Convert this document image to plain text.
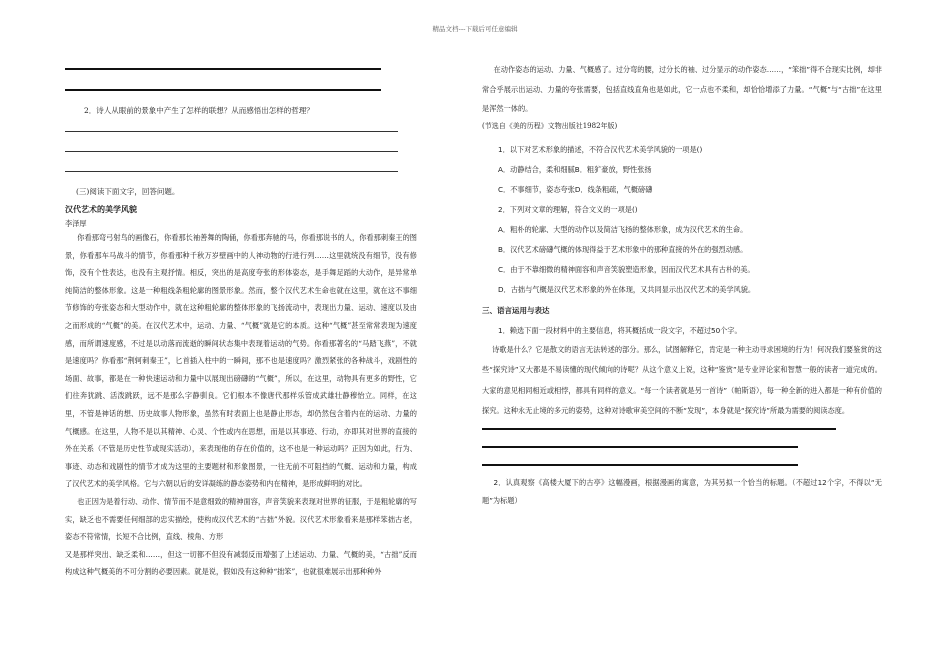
精品文档---下载后可任意编辑
2．诗人从眼前的景象中产生了怎样的联想？从而感悟出怎样的哲理？
(三)阅读下面文字，回答问题。

汉代艺术的美学风貌

李泽厚

你看那弯弓射鸟的画像石，你看那长袖善舞的陶俑，你看那奔驰的马，你看那说书的人，你看那刺秦王的图景，你看那车马战斗的情节，你看那种千秋万岁壁画中的人神动物的行进行列……这里就统没有细节，没有修饰，没有个性表达，也没有主观抒情。相反，突出的是高度夸张的形体姿态，是手舞足蹈的大动作，是异常单纯简洁的整体形象。这是一种粗线条粗轮廓的图景形象。然而，整个汉代艺术生命也就在这里，就在这不事细节修饰的夸张姿态和大型动作中，就在这种粗轮廓的整体形象的飞扬流动中，表现出力量、运动、速度以及由之而形成的“气概”的美。在汉代艺术中，运动、力量、“气概”就是它的本质。这种“气概”甚至常常表现为速度感，而所谓速度感，不过是以动落而流逝的瞬间状态集中表现着运动的气势。你看那著名的“马踏飞燕”，不就是速度吗？你看那“荆轲刺秦王”，匕首插入柱中的一瞬间，那不也是速度吗？激烈紧张的各种战斗，戏剧性的场面、故事，都是在一种快速运动和力量中以展现出磅礴的“气概”，所以，在这里，动物具有更多的野性，它们往奔犹跳、活泼跳跃，远不是那么字静驯良。它们根本不像唐代那样乐管成武雄壮静穆怡立。同样，在这里，不管是神话的想、历史故事人物形象，虽然有时表面上也是静止形态，却仍然包含着内在的运动、力量的气概感。在这里，人物不是以其精神、心灵、个性或内在思想，而是以其事迹、行动，亦即其对世界的直接的外在关系（不管是历史性节或现实活动），来表现他的存在价值的，这不也是一种运动吗？正因为如此，行为、事迹、动态和戏剧性的情节才成为这里的主要题材和形象图景，一往无前不可阻挡的气概、运动和力量，构成了汉代艺术的美学风格。它与六朝以后的安详凝练的静态姿势和内在精神，是形成鲜明的对比。

也正因为是着行动、动作、情节而不是意细致的精神面容，声音笑貌来表现对世界的征服，于是粗轮廓的写实，缺乏也不需要任何细部的忠实描绘，使构成汉代艺术的“古拙”外貌。汉代艺术形象看来是那样笨拙古老，姿态不符常情，长短不合比例，直线、棱角、方形

又是那样突出、缺乏柔和……，但这一切都不但没有减弱反而增强了上述运动、力量、气概的美，“古拙”反而构成这种气概美的不可分割的必要因素。就是说，假如没有这种种“拙笨”，也就很难展示出那种种外

在动作姿态的运动、力量、气概感了。过分弯的腰，过分长的袖、过分显示的动作姿态……，“笨拙”得不合现实比例，却非常合乎展示出运动、力量的夸张需要，包括直线直角也是如此，它一点也不柔和，却恰恰增添了力量。“气概”与“古拙”在这里是浑然一体的。

(节选自《美的历程》文物出版社1982年版)

1．以下对艺术形象的描述，不符合汉代艺术美学风貌的一项是()

A．动静结合，柔和细腻B．粗犷豪放，野性张扬

C．不事细节，姿态夸张D．线条粗疏，气概磅礴

2．下列对文章的理解，符合文义的一项是()

A．粗朴的轮廓、大型的动作以及简洁飞扬的整体形象，成为汉代艺术的生命。

B．汉代艺术磅礴气概的体现得益于艺术形象中的那种直接的外在的强烈动感。

C．由于不靠细微的精神面容和声音笑貌塑造形象，因而汉代艺术具有古朴的美。

D．古拙与气概是汉代艺术形象的外在体现，又共同显示出汉代艺术的美学风貌。

三、语言运用与表达

1．赖选下面一段材料中的主要信息，将其概括成一段文字，不超过50个字。

诗歌是什么？它是散文的语言无法转述的部分。那么，试图解释它，肯定是一种主动寻求困境的行为！何况我们要鉴赏的这些“探究诗”又大都是不易读懂的现代倾向的诗呢？从这个意义上说，这种“鉴赏”是专业评论家和智慧一般的读者一道完成的。大家的意见相同相近或相悖，都具有同样的意义。“每一个读者就是另一首诗”（帕斯语），每一种全新的进入都是一种有价值的探究。这种永无止境的多元的姿势，这种对诗歌审美空间的不断“发现”，本身就是“探究诗”所最为需要的阅读态度。

2．认真观察《高楼大厦下的古亭》这幅漫画，根据漫画的寓意，为其另拟一个恰当的标题。（不超过12个字，不得以“无题”为标题）
